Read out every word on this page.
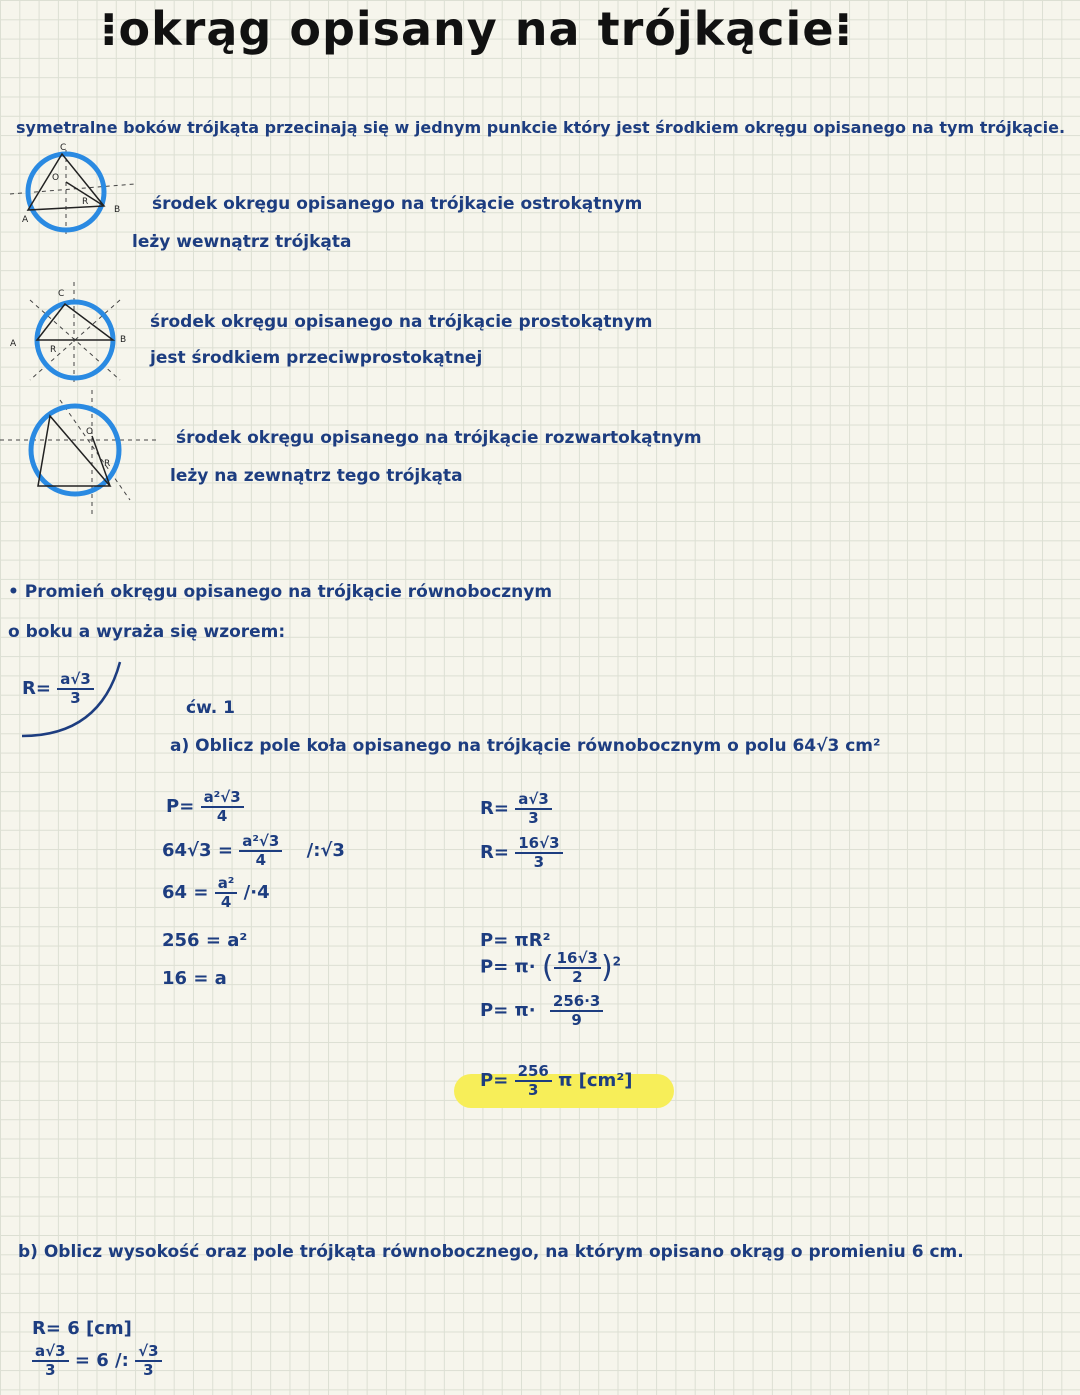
⁝okrąg opisany na trójkącie⁝
symetralne boków trójkąta przecinają się w jednym punkcie który jest środkiem okręgu opisanego na tym trójkącie.
C
O
R
A
B środek okręgu opisanego na trójkącie ostrokątnym
leży wewnątrz trójkąta
C
A
R
B
środek okręgu opisanego na trójkącie prostokątnym
jest środkiem przeciwprostokątnej
O
R
środek okręgu opisanego na trójkącie rozwartokątnym
leży na zewnątrz tego trójkąta
• Promień okręgu opisanego na trójkącie równobocznym
o boku a wyraża się wzorem:
$R= \frac{a√3}{3}$
ćw. 1
a) Oblicz pole koła opisanego na trójkącie równobocznym o polu 64√3 cm²
$P= \frac{\text{a²√3}}{4}$
$64√3 = \frac{\text{a²√3}}{4}$ /:√3
$64 = \frac{\text{a²}}{4} /\cdot 4$
256 = a²
16 = a
$R= \frac{a√3}{3}$
$R= \frac{16√3}{3}$
P= πR²
P= π· ( $\frac{16√3}{2} )^2$
$P= \pi\cdot \frac{256\cdot 3}{9}$
$P= \frac{256}{3}$ π [cm²]
b) Oblicz wysokość oraz pole trójkąta równobocznego, na którym opisano okrąg o promieniu 6 cm.
R= 6 [cm]
$\frac{a√3}{3} = 6$ /: $\frac{√3}{3}$
